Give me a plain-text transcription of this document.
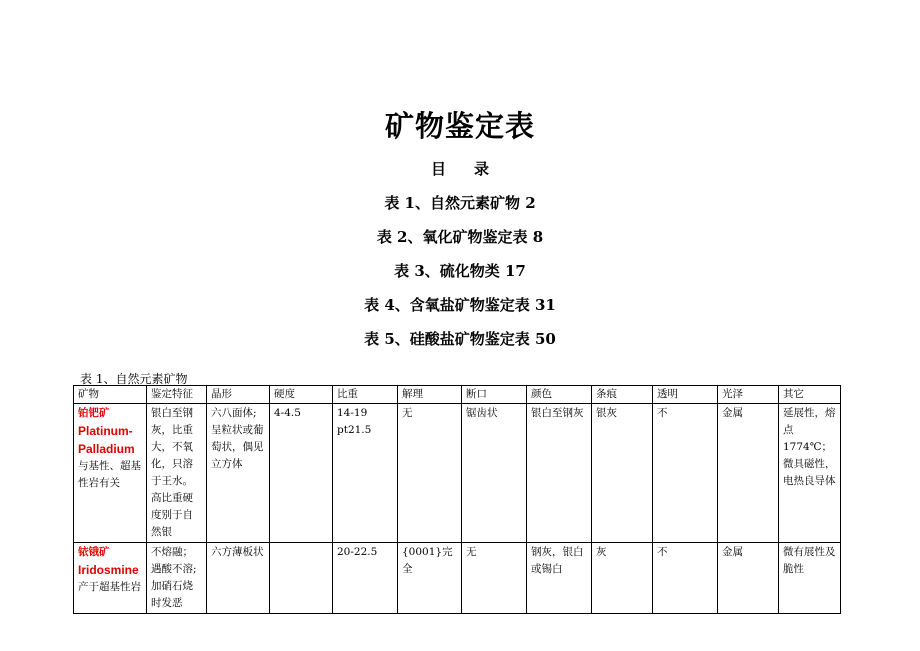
矿物鉴定表
目 录
表 1、自然元素矿物 2
表 2、氧化矿物鉴定表 8
表 3、硫化物类 17
表 4、含氧盐矿物鉴定表 31
表 5、硅酸盐矿物鉴定表 50
表 1、自然元素矿物
矿物	鉴定特征	晶形	硬度	比重	解理	断口	颜色	条痕	透明	光泽	其它

铂钯矿
Platinum-
Palladium
与基性、超基性岩有关	银白至钢灰，比重大，不氧化，只溶于王水。高比重硬度别于自然银	六八面体;呈粒状或葡萄状，偶见立方体	4-4.5	14-19 pt21.5	无	锯齿状	银白至钢灰	银灰	不	金属	延展性，熔点 1774℃；微具磁性，电热良导体

铱锇矿
Iridosmine
产于超基性岩	不熔融；遇酸不溶;加硝石烧时发恶	六方薄板状		20-22.5	{0001}完全	无	钢灰，银白或锡白	灰	不	金属	微有展性及脆性
